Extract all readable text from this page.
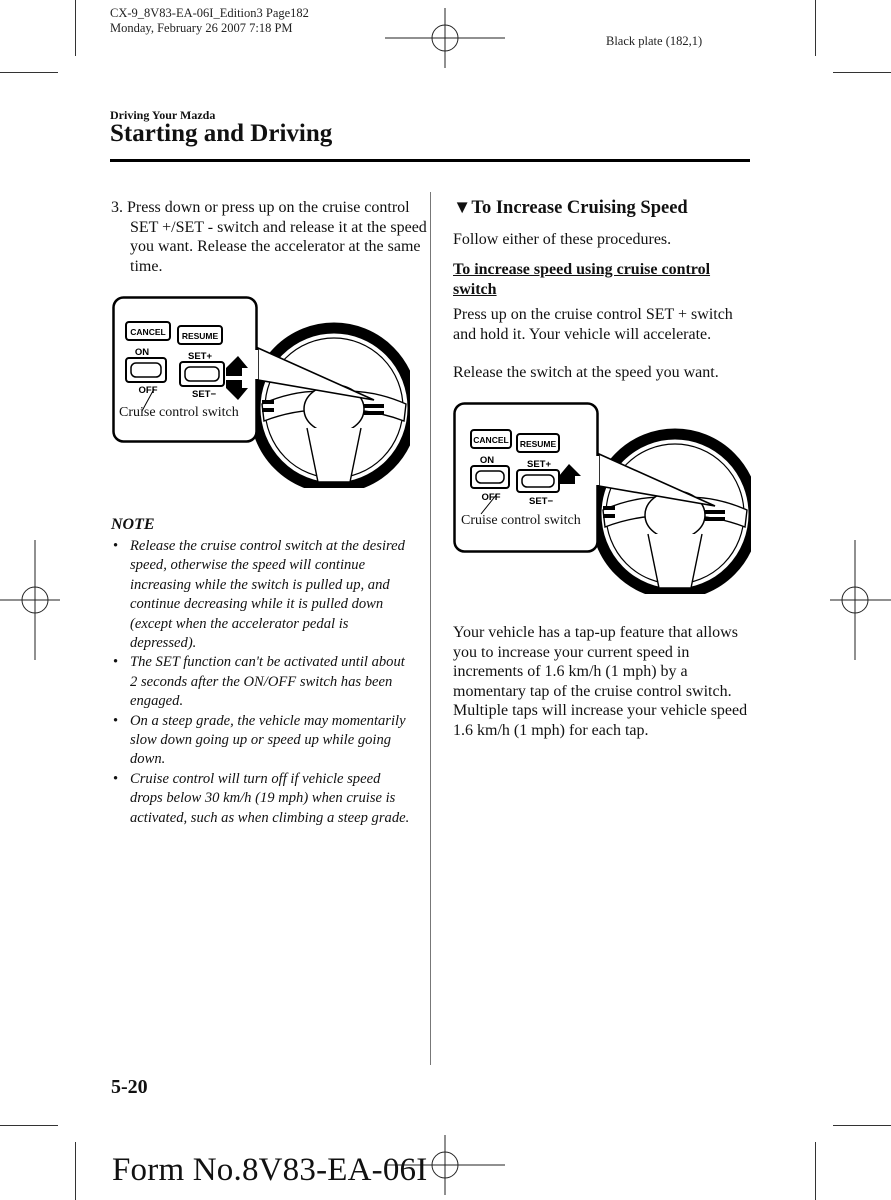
CX-9_8V83-EA-06I_Edition3 Page182
Monday, February 26 2007 7:18 PM
Black plate (182,1)
Driving Your Mazda
Starting and Driving
3. Press down or press up on the cruise control SET +/SET - switch and release it at the speed you want. Release the accelerator at the same time.
CANCEL RESUME
ON
OFF
SET+
SET−
Cruise control switch
NOTE
• Release the cruise control switch at the desired speed, otherwise the speed will continue increasing while the switch is pulled up, and continue decreasing while it is pulled down (except when the accelerator pedal is depressed).
• The SET function can't be activated until about 2 seconds after the ON/OFF switch has been engaged.
• On a steep grade, the vehicle may momentarily slow down going up or speed up while going down.
• Cruise control will turn off if vehicle speed drops below 30 km/h (19 mph) when cruise is activated, such as when climbing a steep grade.
▼To Increase Cruising Speed
Follow either of these procedures.
To increase speed using cruise control switch
Press up on the cruise control SET + switch and hold it. Your vehicle will accelerate.
Release the switch at the speed you want.
CANCEL RESUME
ON
OFF
SET+
SET−
Cruise control switch
Your vehicle has a tap-up feature that allows you to increase your current speed in increments of 1.6 km/h (1 mph) by a momentary tap of the cruise control switch. Multiple taps will increase your vehicle speed 1.6 km/h (1 mph) for each tap.
5-20
Form No.8V83-EA-06I
